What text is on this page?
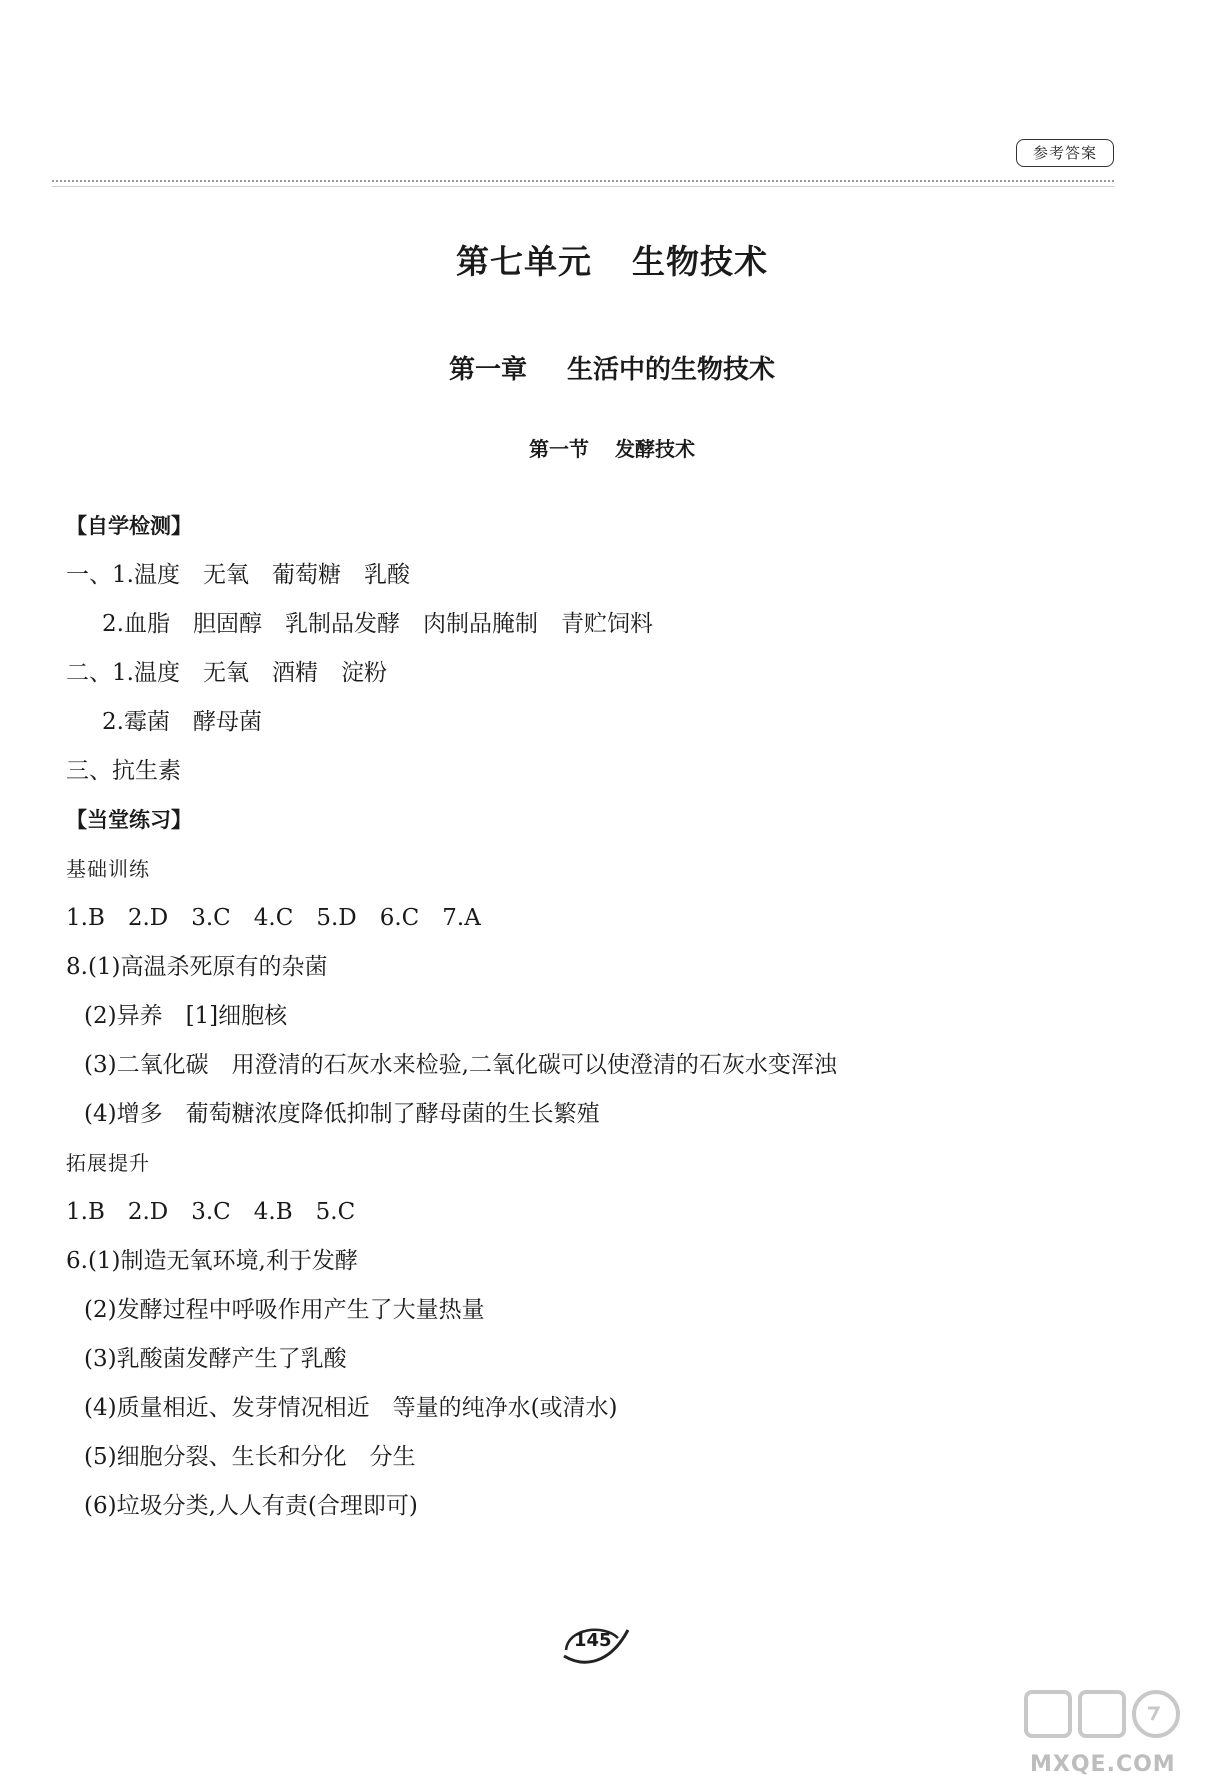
参考答案
第七单元 生物技术
第一章 生活中的生物技术
第一节 发酵技术
【自学检测】
一、1.温度　无氧　葡萄糖　乳酸
2.血脂　胆固醇　乳制品发酵　肉制品腌制　青贮饲料
二、1.温度　无氧　酒精　淀粉
2.霉菌　酵母菌
三、抗生素
【当堂练习】
基础训练
1.B　2.D　3.C　4.C　5.D　6.C　7.A
8.(1)高温杀死原有的杂菌
(2)异养　[1]细胞核
(3)二氧化碳　用澄清的石灰水来检验,二氧化碳可以使澄清的石灰水变浑浊
(4)增多　葡萄糖浓度降低抑制了酵母菌的生长繁殖
拓展提升
1.B　2.D　3.C　4.B　5.C
6.(1)制造无氧环境,利于发酵
(2)发酵过程中呼吸作用产生了大量热量
(3)乳酸菌发酵产生了乳酸
(4)质量相近、发芽情况相近　等量的纯净水(或清水)
(5)细胞分裂、生长和分化　分生
(6)垃圾分类,人人有责(合理即可)
145
MXQE.COM
